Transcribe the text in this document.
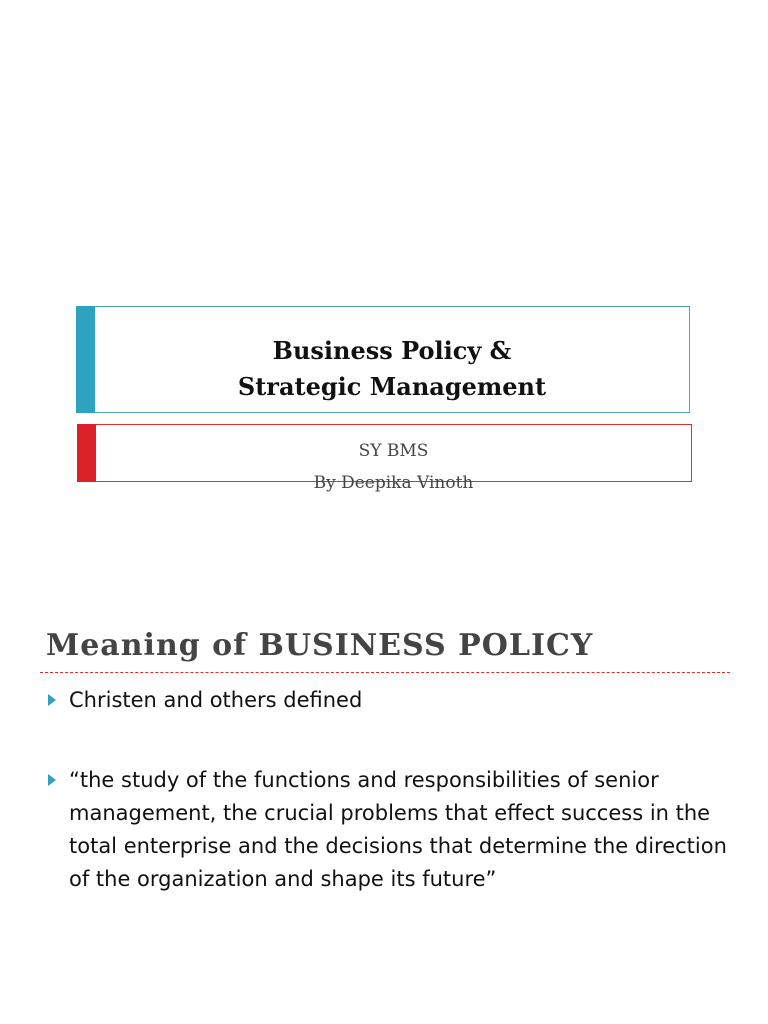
Business Policy &
Strategic Management
SY BMS
By Deepika Vinoth
Meaning of BUSINESS POLICY
Christen and others defined
“the study of the functions and responsibilities of senior management, the crucial problems that effect success in the total enterprise and the decisions that determine the direction of the organization and shape its future”
